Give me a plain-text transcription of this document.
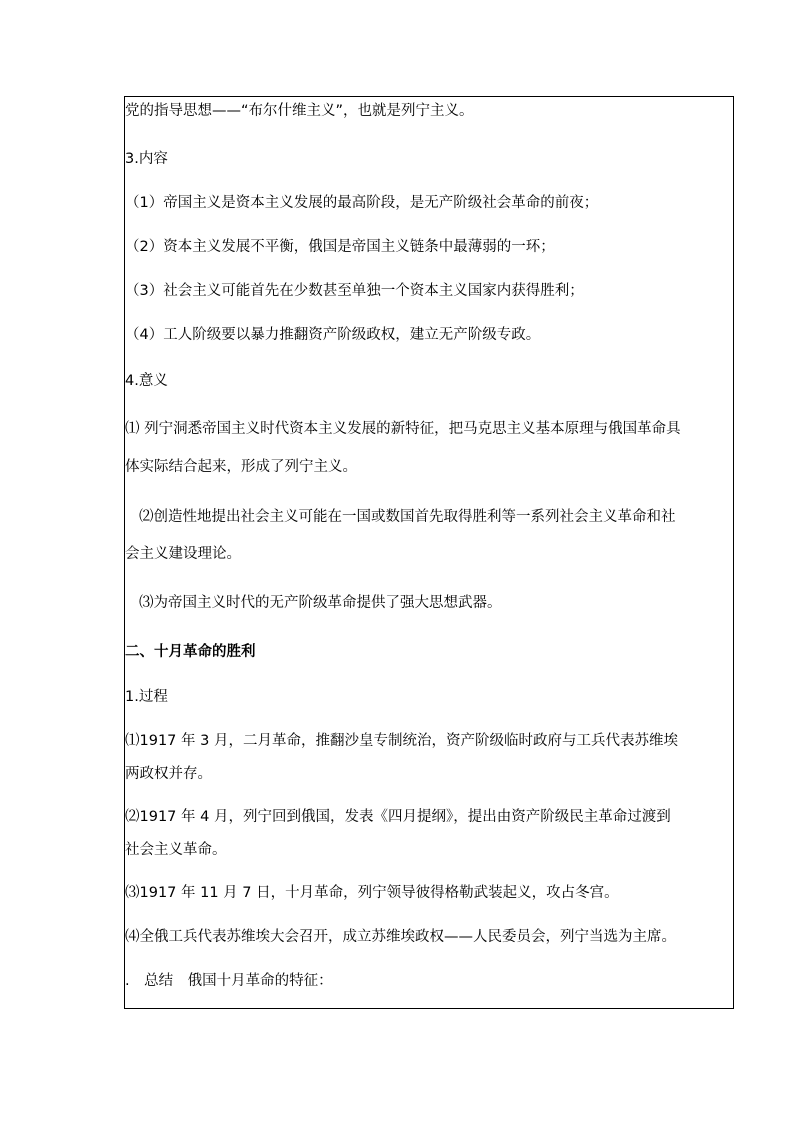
党的指导思想——“布尔什维主义”，也就是列宁主义。
3.内容
（1）帝国主义是资本主义发展的最高阶段，是无产阶级社会革命的前夜；
（2）资本主义发展不平衡，俄国是帝国主义链条中最薄弱的一环；
（3）社会主义可能首先在少数甚至单独一个资本主义国家内获得胜利；
（4）工人阶级要以暴力推翻资产阶级政权，建立无产阶级专政。
4.意义
⑴ 列宁洞悉帝国主义时代资本主义发展的新特征，把马克思主义基本原理与俄国革命具
体实际结合起来，形成了列宁主义。
⑵创造性地提出社会主义可能在一国或数国首先取得胜利等一系列社会主义革命和社
会主义建设理论。
⑶为帝国主义时代的无产阶级革命提供了强大思想武器。
二、十月革命的胜利
1.过程
⑴1917 年 3 月，二月革命，推翻沙皇专制统治，资产阶级临时政府与工兵代表苏维埃
两政权并存。
⑵1917 年 4 月，列宁回到俄国，发表《四月提纲》，提出由资产阶级民主革命过渡到
社会主义革命。
⑶1917 年 11 月 7 日，十月革命，列宁领导彼得格勒武装起义，攻占冬宫。
⑷全俄工兵代表苏维埃大会召开，成立苏维埃政权——人民委员会，列宁当选为主席。
.　总结　俄国十月革命的特征：
